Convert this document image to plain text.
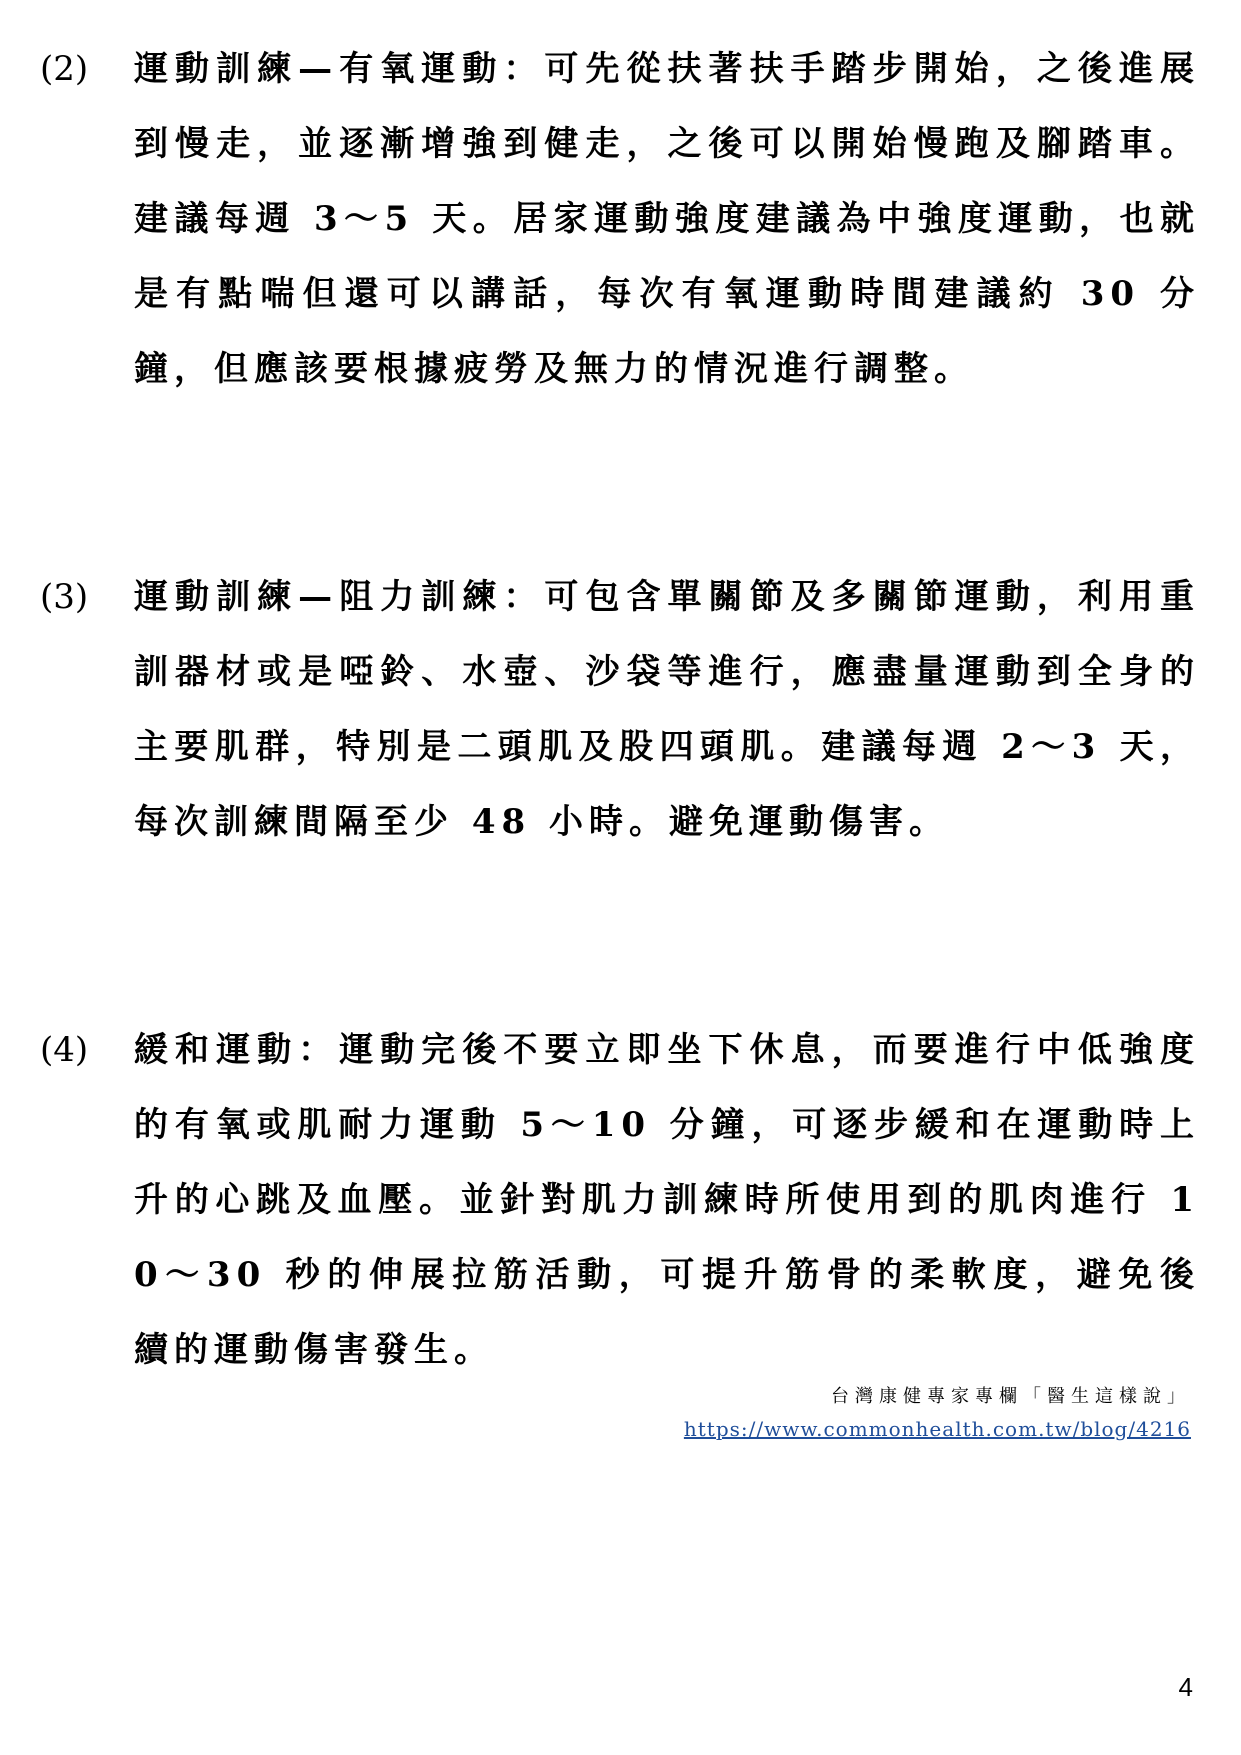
(2) 運動訓練—有氧運動：可先從扶著扶手踏步開始，之後進展到慢走，並逐漸增強到健走，之後可以開始慢跑及腳踏車。建議每週 3～5 天。居家運動強度建議為中強度運動，也就是有點喘但還可以講話，每次有氧運動時間建議約 30 分鐘，但應該要根據疲勞及無力的情況進行調整。

(3) 運動訓練—阻力訓練：可包含單關節及多關節運動，利用重訓器材或是啞鈴、水壺、沙袋等進行，應盡量運動到全身的主要肌群，特別是二頭肌及股四頭肌。建議每週 2～3 天，每次訓練間隔至少 48 小時。避免運動傷害。

(4) 緩和運動：運動完後不要立即坐下休息，而要進行中低強度的有氧或肌耐力運動 5～10 分鐘，可逐步緩和在運動時上升的心跳及血壓。並針對肌力訓練時所使用到的肌肉進行 10～30 秒的伸展拉筋活動，可提升筋骨的柔軟度，避免後續的運動傷害發生。

台灣康健專家專欄「醫生這樣說」
https://www.commonhealth.com.tw/blog/4216
4
